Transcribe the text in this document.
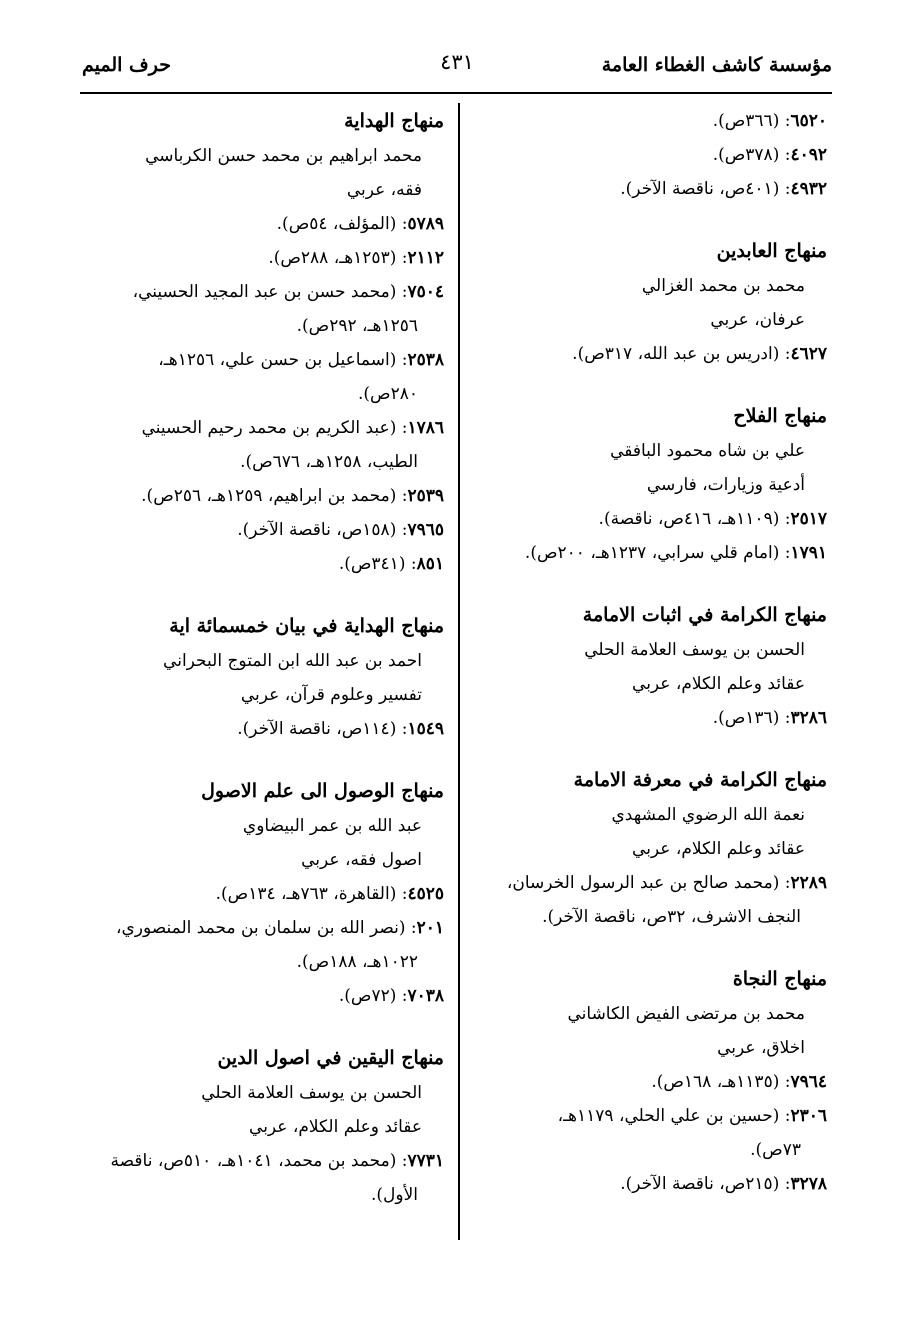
مؤسسة كاشف الغطاء العامة
٤٣١
حرف الميم
٦٥٢٠: (٣٦٦ص).
٤٠٩٢: (٣٧٨ص).
٤٩٣٢: (٤٠١ص، ناقصة الآخر).
منهاج العابدين
محمد بن محمد الغزالي
عرفان، عربي
٤٦٢٧: (ادريس بن عبد الله، ٣١٧ص).
منهاج الفلاح
علي بن شاه محمود البافقي
أدعية وزيارات، فارسي
٢٥١٧: (١١٠٩هـ، ٤١٦ص، ناقصة).
١٧٩١: (امام قلي سرابي، ١٢٣٧هـ، ٢٠٠ص).
منهاج الكرامة في اثبات الامامة
الحسن بن يوسف العلامة الحلي
عقائد وعلم الكلام، عربي
٣٢٨٦: (١٣٦ص).
منهاج الكرامة في معرفة الامامة
نعمة الله الرضوي المشهدي
عقائد وعلم الكلام، عربي
٢٢٨٩: (محمد صالح بن عبد الرسول الخرسان،
النجف الاشرف، ٣٢ص، ناقصة الآخر).
منهاج النجاة
محمد بن مرتضى الفيض الكاشاني
اخلاق، عربي
٧٩٦٤: (١١٣٥هـ، ١٦٨ص).
٢٣٠٦: (حسين بن علي الحلي، ١١٧٩هـ،
٧٣ص).
٣٢٧٨: (٢١٥ص، ناقصة الآخر).
منهاج الهداية
محمد ابراهيم بن محمد حسن الكرباسي
فقه، عربي
٥٧٨٩: (المؤلف، ٥٤ص).
٢١١٢: (١٢٥٣هـ، ٢٨٨ص).
٧٥٠٤: (محمد حسن بن عبد المجيد الحسيني،
١٢٥٦هـ، ٢٩٢ص).
٢٥٣٨: (اسماعيل بن حسن علي، ١٢٥٦هـ،
٢٨٠ص).
١٧٨٦: (عبد الكريم بن محمد رحيم الحسيني
الطيب، ١٢٥٨هـ، ٦٧٦ص).
٢٥٣٩: (محمد بن ابراهيم، ١٢٥٩هـ، ٢٥٦ص).
٧٩٦٥: (١٥٨ص، ناقصة الآخر).
٨٥١: (٣٤١ص).
منهاج الهداية في بيان خمسمائة اية
احمد بن عبد الله ابن المتوج البحراني
تفسير وعلوم قرآن، عربي
١٥٤٩: (١١٤ص، ناقصة الآخر).
منهاج الوصول الى علم الاصول
عبد الله بن عمر البيضاوي
اصول فقه، عربي
٤٥٢٥: (القاهرة، ٧٦٣هـ، ١٣٤ص).
٢٠١: (نصر الله بن سلمان بن محمد المنصوري،
١٠٢٢هـ، ١٨٨ص).
٧٠٣٨: (٧٢ص).
منهاج اليقين في اصول الدين
الحسن بن يوسف العلامة الحلي
عقائد وعلم الكلام، عربي
٧٧٣١: (محمد بن محمد، ١٠٤١هـ، ٥١٠ص، ناقصة
الأول).
